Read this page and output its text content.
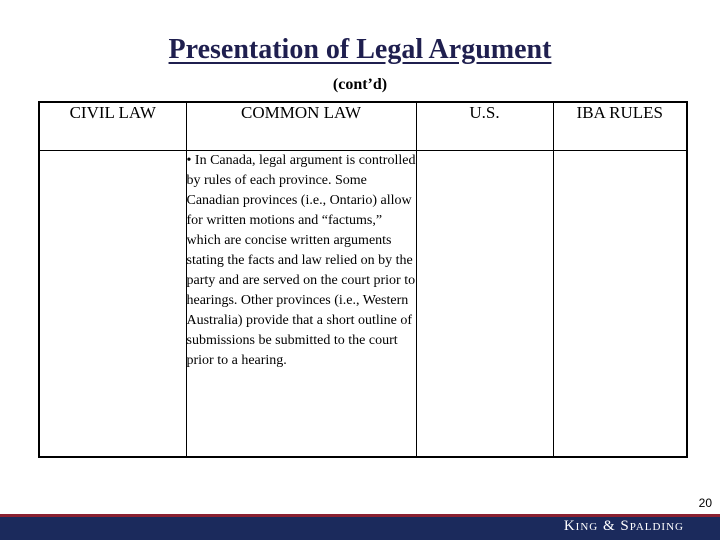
Presentation of Legal Argument
(cont’d)
CIVIL LAW	COMMON LAW	U.S.	IBA RULES
	• In Canada, legal argument is controlled by rules of each province. Some Canadian provinces (i.e., Ontario) allow for written motions and “factums,” which are concise written arguments stating the facts and law relied on by the party and are served on the court prior to hearings. Other provinces (i.e., Western Australia) provide that a short outline of submissions be submitted to the court prior to a hearing.		
20
King & Spalding
